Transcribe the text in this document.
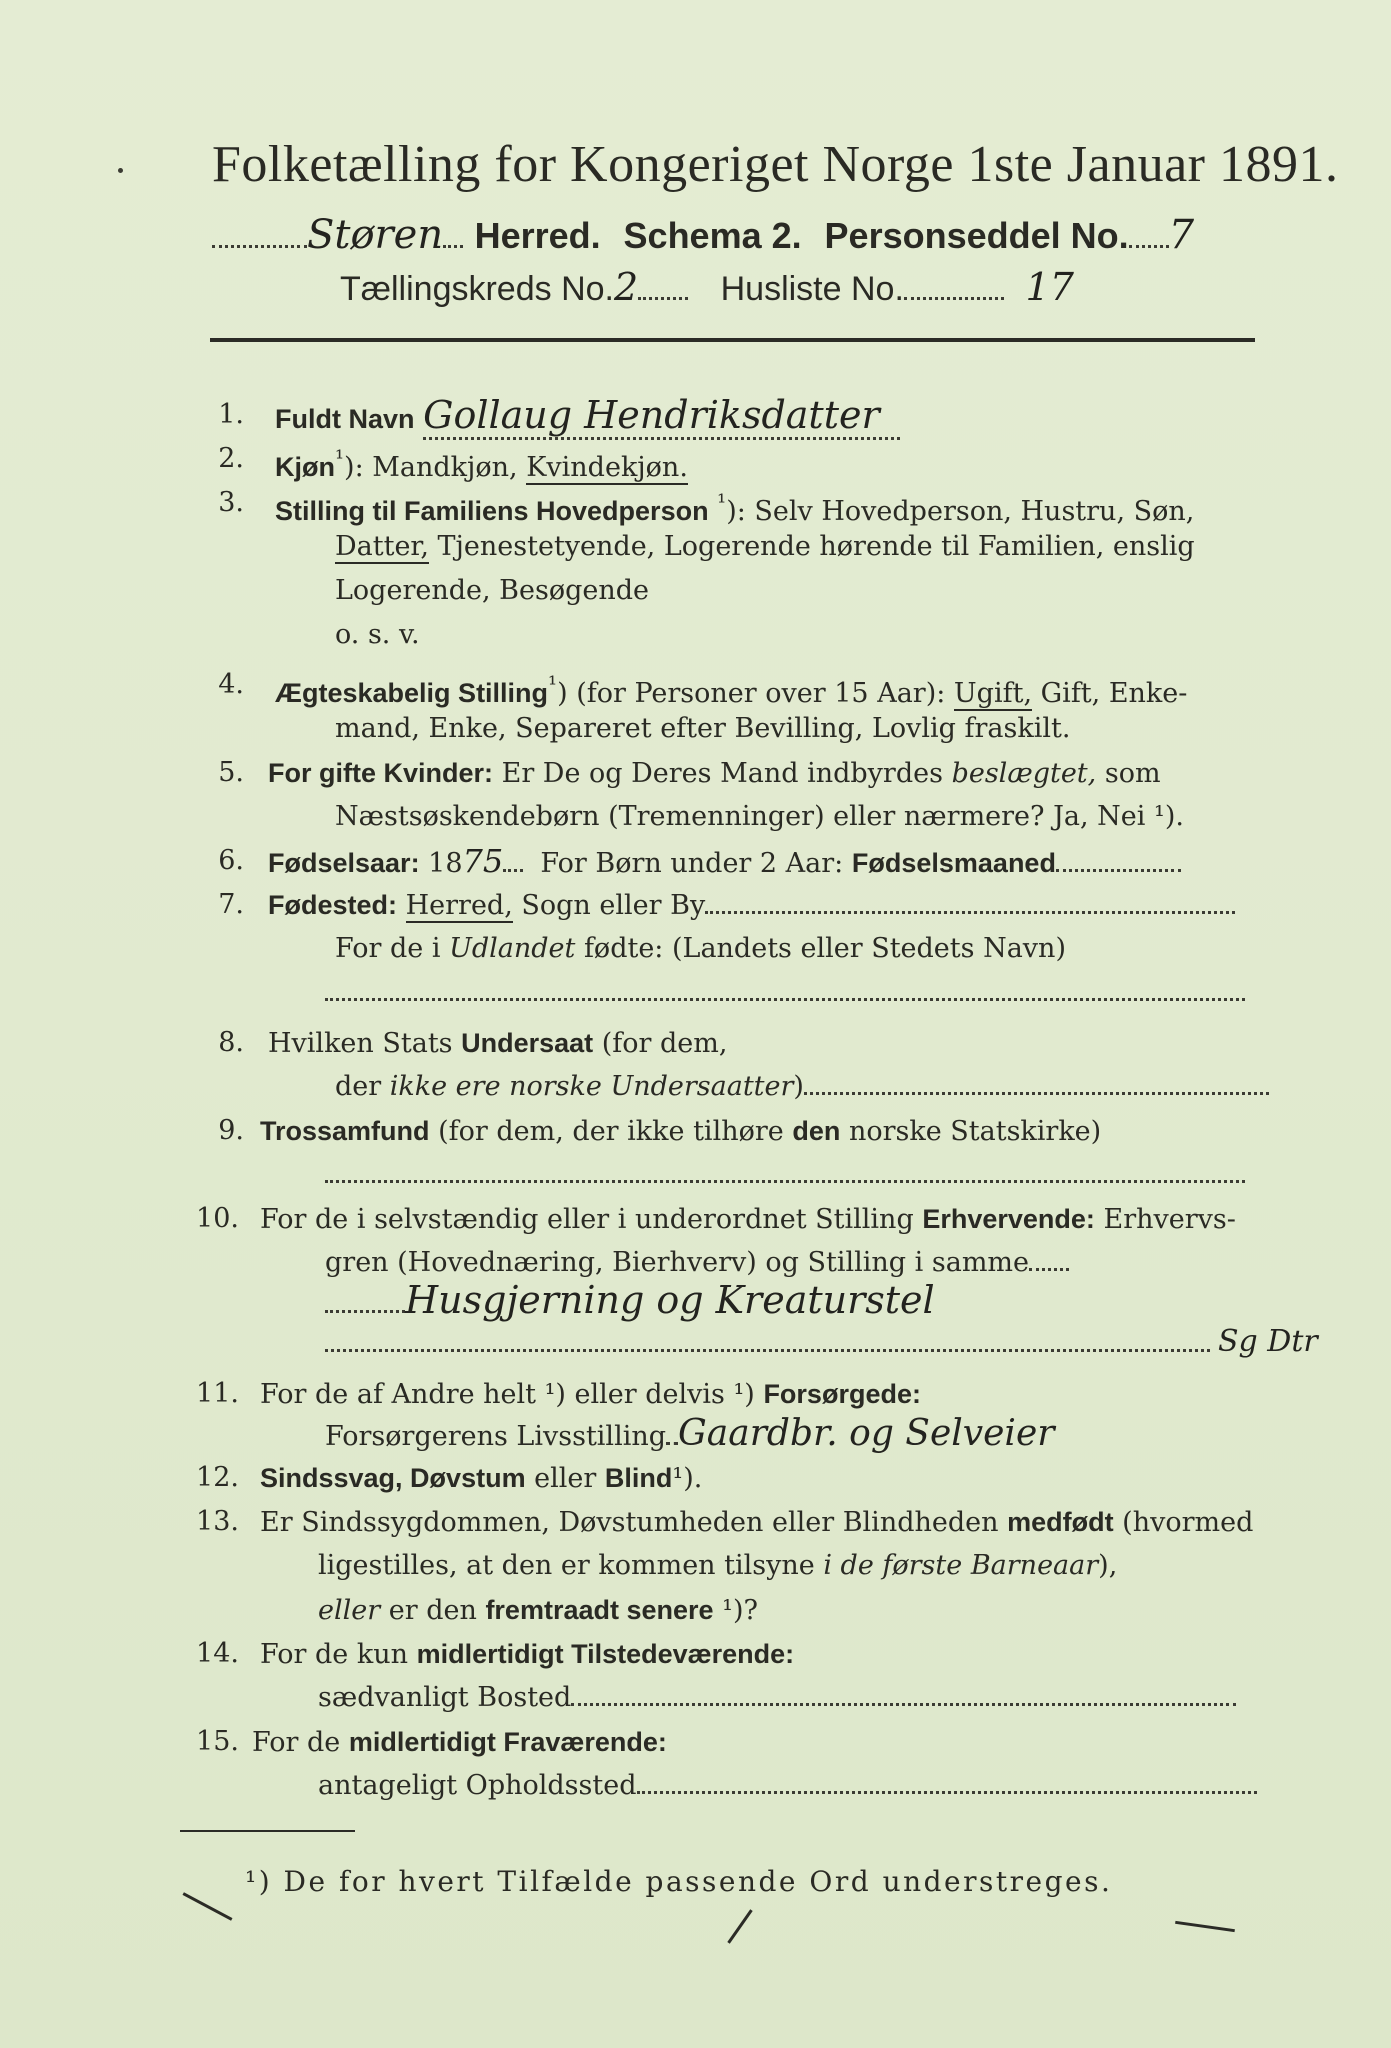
Folketælling for Kongeriget Norge 1ste Januar 1891.
Støren Herred. Schema 2. Personseddel No. 7
Tællingskreds No.2 Husliste No.	17
1. Fuldt Navn Gollaug Hendriksdatter
2. Kjøn$^{^1}$): Mandkjøn, Kvindekjøn.
3. Stilling til Familiens Hovedperson $^{^1}$): Selv Hovedperson, Hustru, Søn,
Datter, Tjenestetyende, Logerende hørende til Familien, enslig
Logerende, Besøgende
o. s. v.
4. Ægteskabelig Stilling$^{^1}$) (for Personer over 15 Aar): Ugift, Gift, Enke-
mand, Enke, Separeret efter Bevilling, Lovlig fraskilt.
5. For gifte Kvinder: Er De og Deres Mand indbyrdes beslægtet, som
Næstsøskendebørn (Tremenninger) eller nærmere? Ja, Nei ¹).
6. Fødselsaar: 1875 For Børn under 2 Aar: Fødselsmaaned
7. Fødested: Herred, Sogn eller By
For de i Udlandet fødte: (Landets eller Stedets Navn)
8. Hvilken Stats Undersaat (for dem,
der ikke ere norske Undersaatter)
9. Trossamfund (for dem, der ikke tilhøre den norske Statskirke)
10. For de i selvstændig eller i underordnet Stilling Erhvervende: Erhvervs-
gren (Hovednæring, Bierhverv) og Stilling i samme
Husgjerning og Kreaturstel
Sg Dtr
11. For de af Andre helt ¹) eller delvis ¹) Forsørgede:
Forsørgerens Livsstilling Gaardbr. og Selveier
12. Sindssvag, Døvstum eller Blind¹).
13. Er Sindssygdommen, Døvstumheden eller Blindheden medfødt (hvormed
ligestilles, at den er kommen tilsyne i de første Barneaar),
eller er den fremtraadt senere ¹)?
14. For de kun midlertidigt Tilstedeværende:
sædvanligt Bosted
15. For de midlertidigt Fraværende:
antageligt Opholdssted
¹) De for hvert Tilfælde passende Ord understreges.
